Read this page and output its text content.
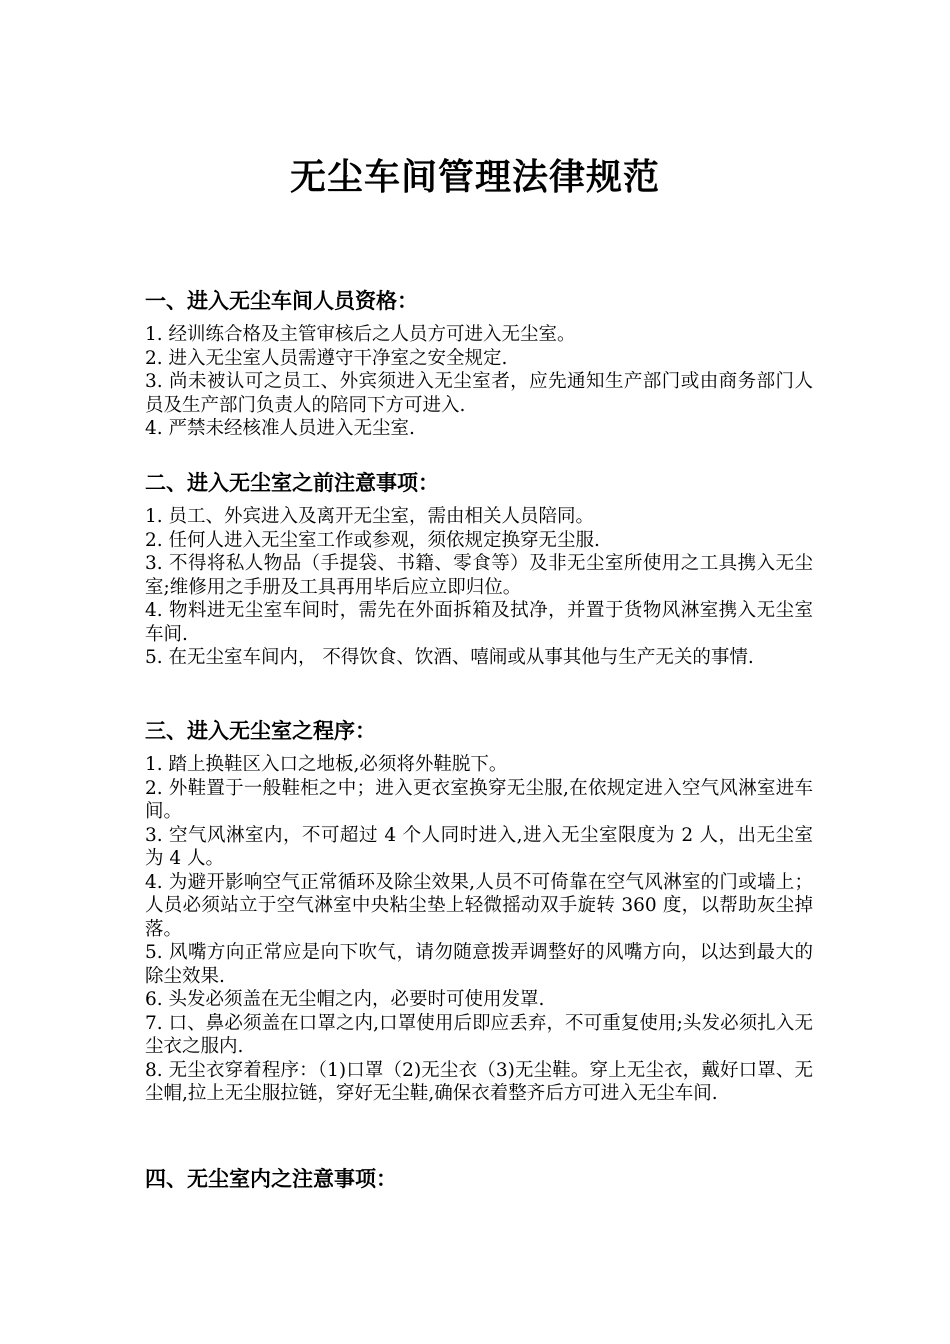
无尘车间管理法律规范
一、进入无尘车间人员资格：
1. 经训练合格及主管审核后之人员方可进入无尘室。
2. 进入无尘室人员需遵守干净室之安全规定.
3. 尚未被认可之员工、外宾须进入无尘室者，应先通知生产部门或由商务部门人员及生产部门负责人的陪同下方可进入.
4. 严禁未经核准人员进入无尘室.
二、进入无尘室之前注意事项：
1. 员工、外宾进入及离开无尘室，需由相关人员陪同。
2. 任何人进入无尘室工作或参观，须依规定换穿无尘服.
3. 不得将私人物品（手提袋、书籍、零食等）及非无尘室所使用之工具携入无尘室;维修用之手册及工具再用毕后应立即归位。
4. 物料进无尘室车间时，需先在外面拆箱及拭净，并置于货物风淋室携入无尘室车间.
5. 在无尘室车间内， 不得饮食、饮酒、嘻闹或从事其他与生产无关的事情.
三、进入无尘室之程序：
1. 踏上换鞋区入口之地板,必须将外鞋脱下。
2. 外鞋置于一般鞋柜之中；进入更衣室换穿无尘服,在依规定进入空气风淋室进车间。
3. 空气风淋室内，不可超过 4 个人同时进入,进入无尘室限度为 2 人，出无尘室为 4 人。
4. 为避开影响空气正常循环及除尘效果,人员不可倚靠在空气风淋室的门或墙上；人员必须站立于空气淋室中央粘尘垫上轻微摇动双手旋转 360 度，以帮助灰尘掉落。
5. 风嘴方向正常应是向下吹气，请勿随意拨弄调整好的风嘴方向，以达到最大的除尘效果.
6. 头发必须盖在无尘帽之内，必要时可使用发罩.
7. 口、鼻必须盖在口罩之内,口罩使用后即应丢弃，不可重复使用;头发必须扎入无尘衣之服内.
8. 无尘衣穿着程序：（1)口罩（2)无尘衣（3)无尘鞋。穿上无尘衣，戴好口罩、无尘帽,拉上无尘服拉链，穿好无尘鞋,确保衣着整齐后方可进入无尘车间.
四、无尘室内之注意事项：
